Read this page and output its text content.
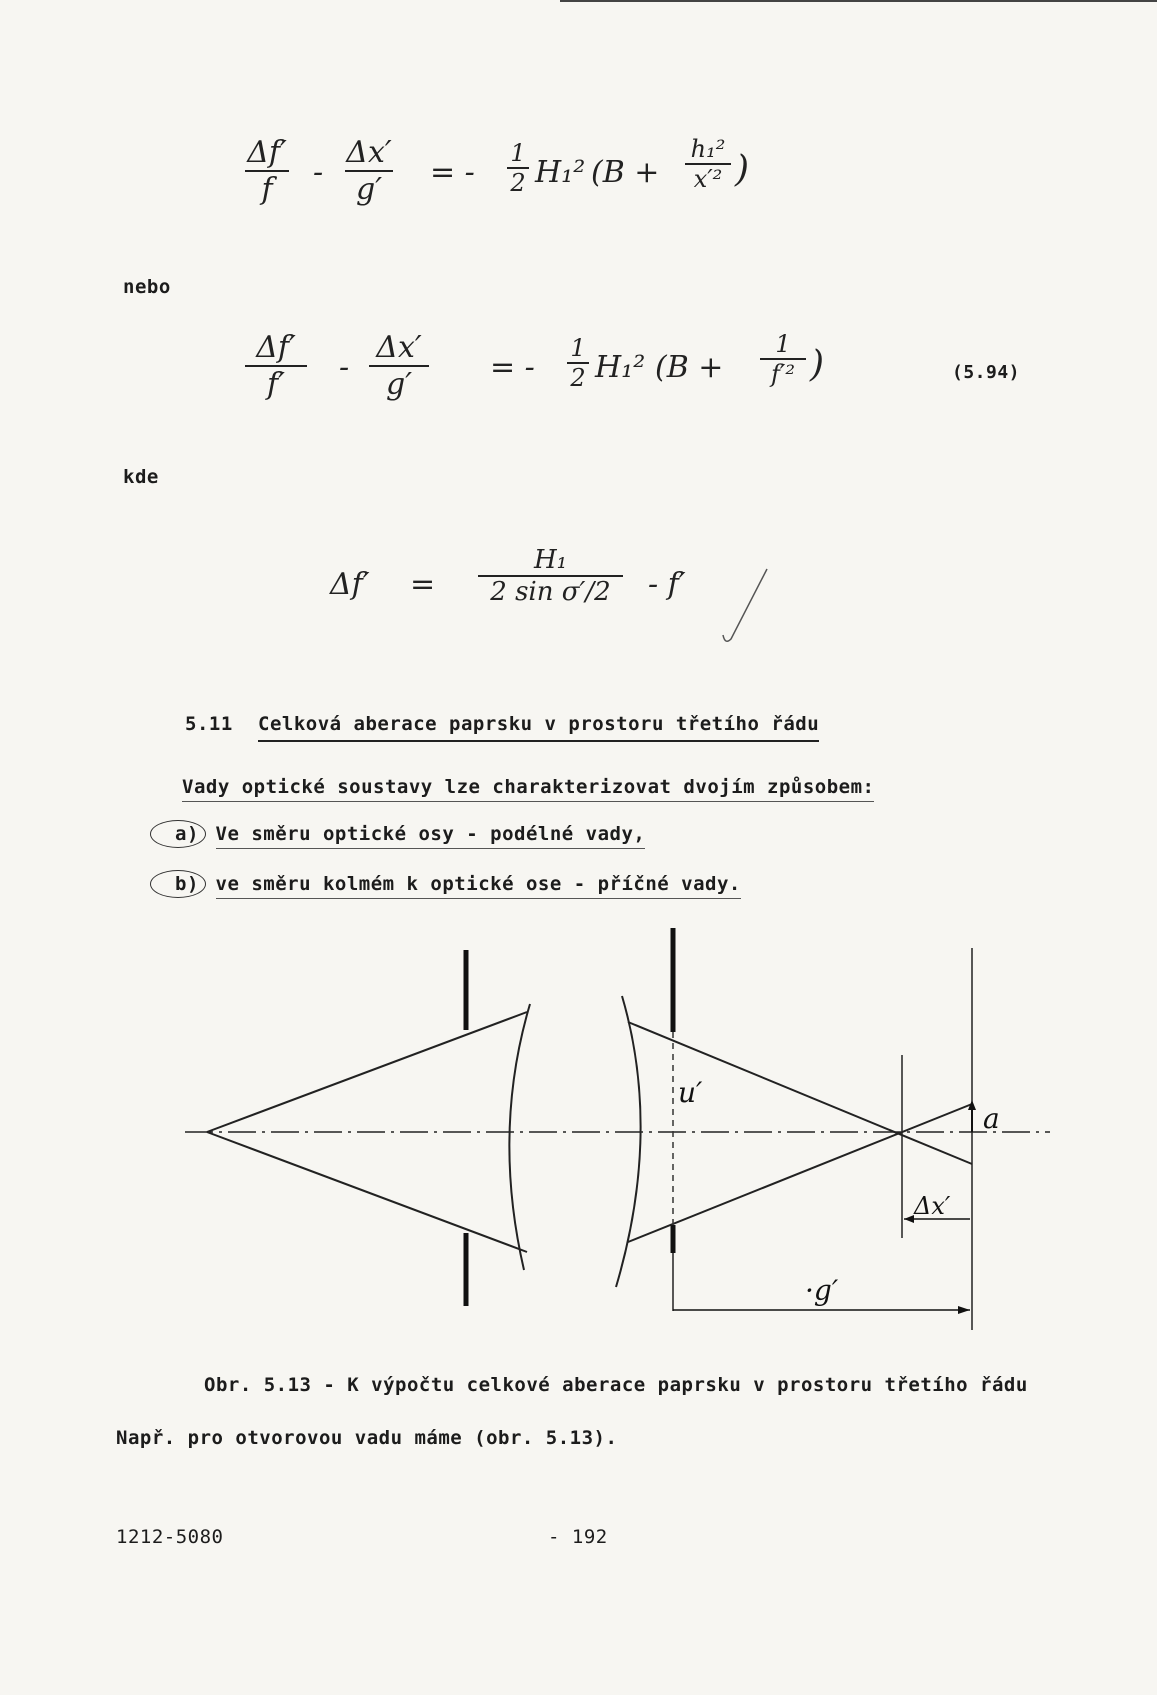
Δf′
f	-
Δx′
g′	= -
1
2 H₁² (B +
h₁²
x′² )
nebo
Δf′
f′	-
Δx′
g′	= -
1
2 H₁² (B +
1
f′² )	(5.94)
kde
Δf′ =
H₁
2 sin σ′/2	- f′
5.11 Celková aberace paprsku v prostoru třetího řádu
Vady optické soustavy lze charakterizovat dvojím způsobem:
a) Ve směru optické osy - podélné vady,
b) ve směru kolmém k optické ose - příčné vady.
u′
a
Δx′
·g′
Obr. 5.13 - K výpočtu celkové aberace paprsku v prostoru třetího řádu
Např. pro otvorovou vadu máme (obr. 5.13).
1212-5080	- 192
